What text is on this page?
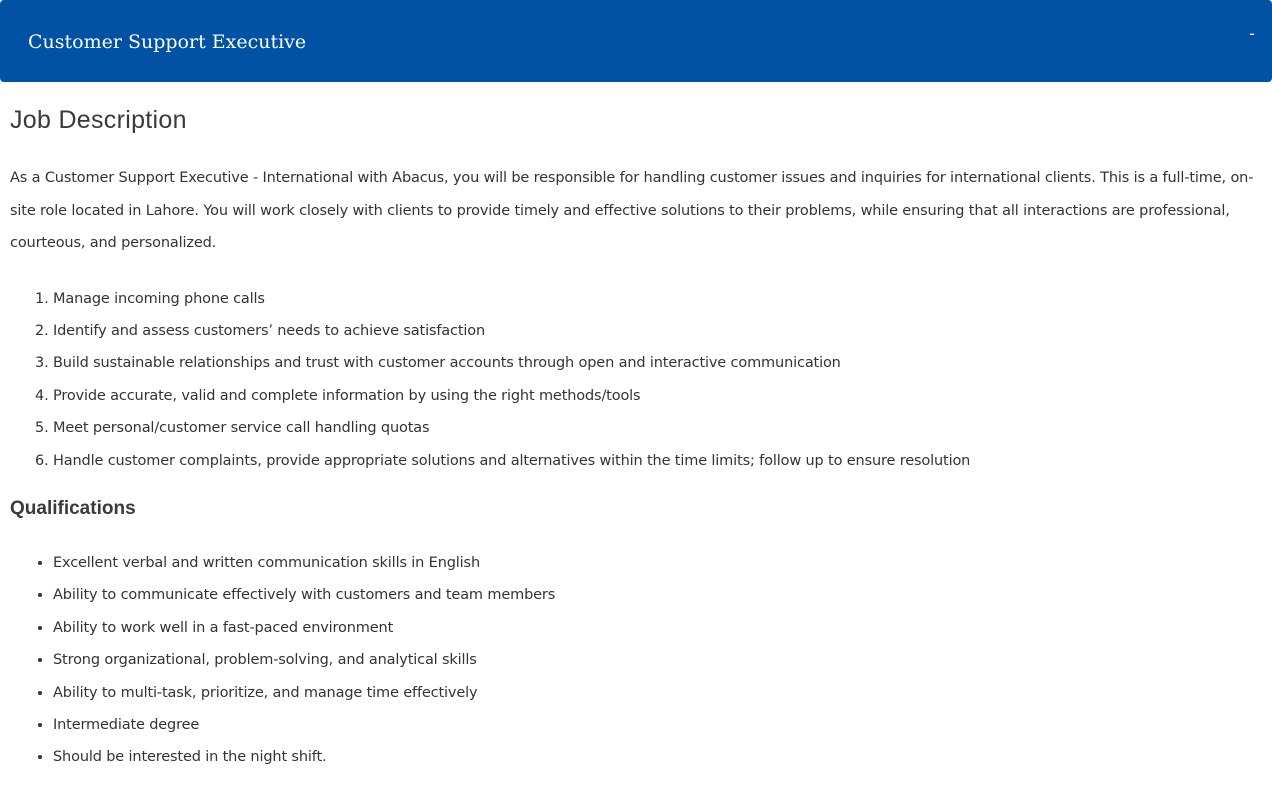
Customer Support Executive	-
Job Description

As a Customer Support Executive - International with Abacus, you will be responsible for handling customer issues and inquiries for international clients. This is a full-time, on-site role located in Lahore. You will work closely with clients to provide timely and effective solutions to their problems, while ensuring that all interactions are professional, courteous, and personalized.

1. Manage incoming phone calls
2. Identify and assess customers’ needs to achieve satisfaction
3. Build sustainable relationships and trust with customer accounts through open and interactive communication
4. Provide accurate, valid and complete information by using the right methods/tools
5. Meet personal/customer service call handling quotas
6. Handle customer complaints, provide appropriate solutions and alternatives within the time limits; follow up to ensure resolution
Qualifications
• Excellent verbal and written communication skills in English
• Ability to communicate effectively with customers and team members
• Ability to work well in a fast-paced environment
• Strong organizational, problem-solving, and analytical skills
• Ability to multi-task, prioritize, and manage time effectively
• Intermediate degree
• Should be interested in the night shift.
